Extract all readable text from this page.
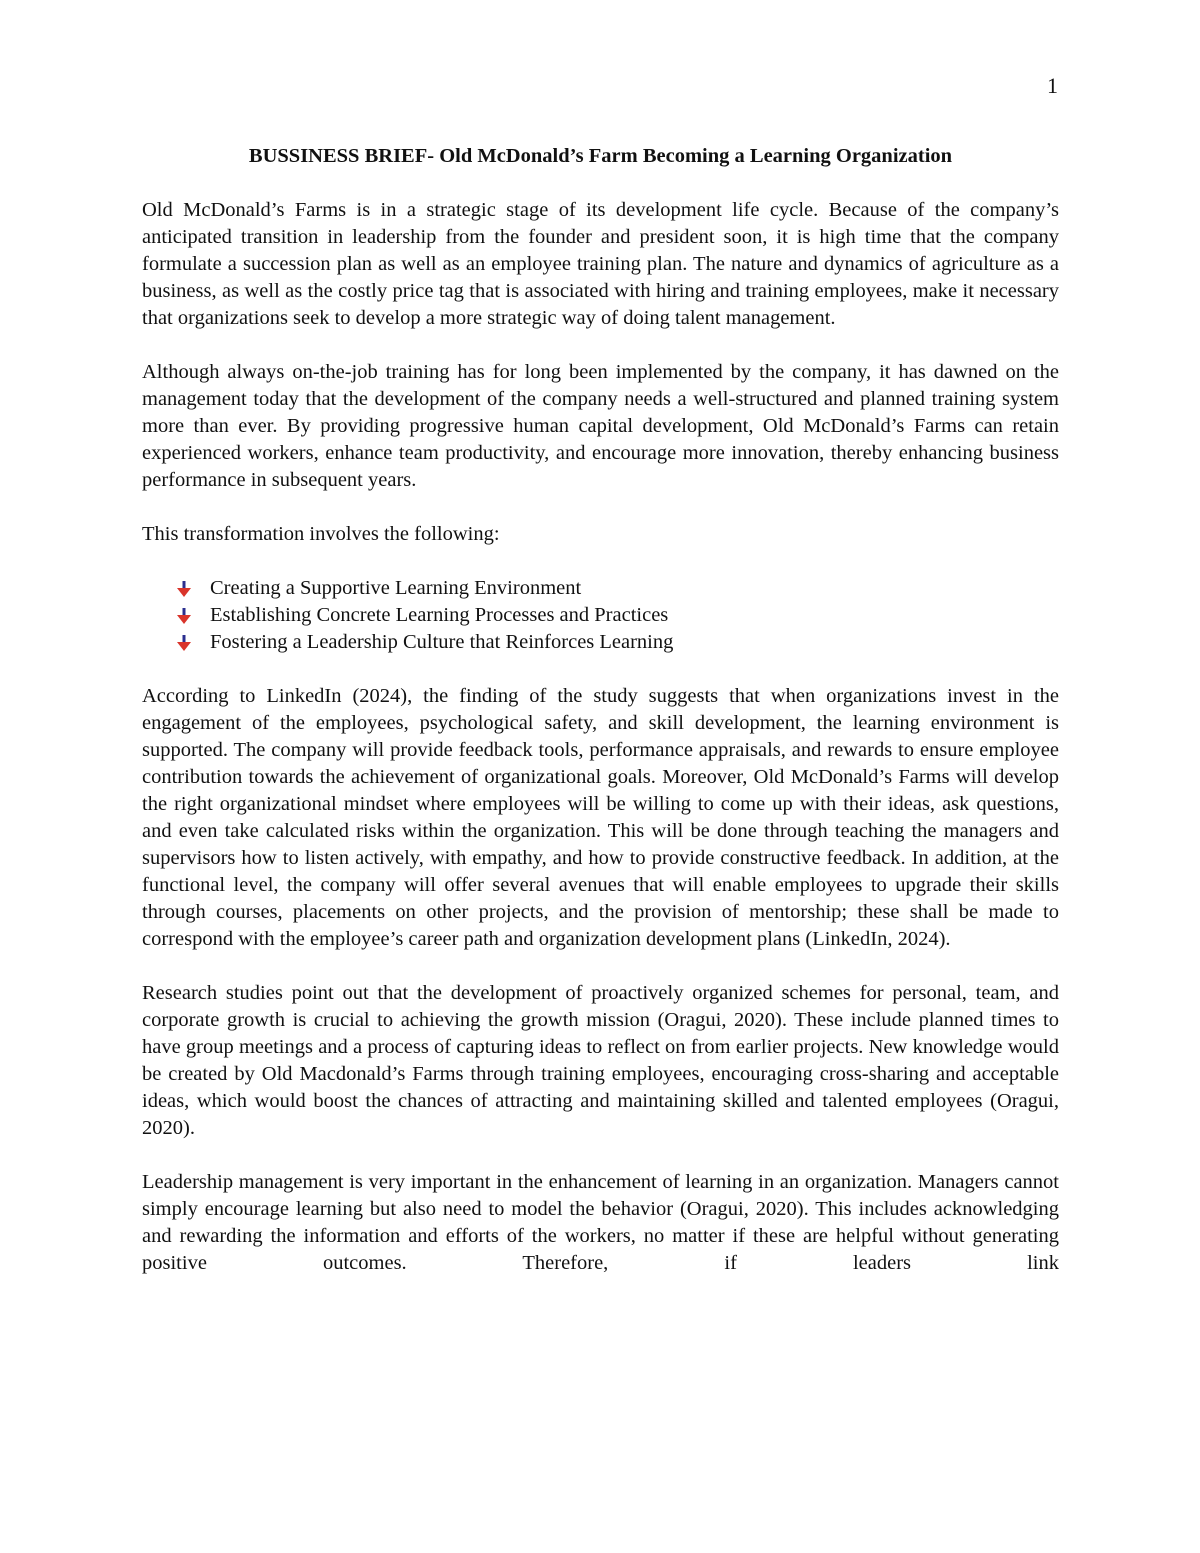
1
BUSSINESS BRIEF- Old McDonald’s Farm Becoming a Learning Organization

Old McDonald’s Farms is in a strategic stage of its development life cycle. Because of the company’s anticipated transition in leadership from the founder and president soon, it is high time that the company formulate a succession plan as well as an employee training plan. The nature and dynamics of agriculture as a business, as well as the costly price tag that is associated with hiring and training employees, make it necessary that organizations seek to develop a more strategic way of doing talent management.

Although always on-the-job training has for long been implemented by the company, it has dawned on the management today that the development of the company needs a well-structured and planned training system more than ever. By providing progressive human capital development, Old McDonald’s Farms can retain experienced workers, enhance team productivity, and encourage more innovation, thereby enhancing business performance in subsequent years.

This transformation involves the following:

Creating a Supportive Learning Environment
Establishing Concrete Learning Processes and Practices
Fostering a Leadership Culture that Reinforces Learning

According to LinkedIn (2024), the finding of the study suggests that when organizations invest in the engagement of the employees, psychological safety, and skill development, the learning environment is supported. The company will provide feedback tools, performance appraisals, and rewards to ensure employee contribution towards the achievement of organizational goals. Moreover, Old McDonald’s Farms will develop the right organizational mindset where employees will be willing to come up with their ideas, ask questions, and even take calculated risks within the organization. This will be done through teaching the managers and supervisors how to listen actively, with empathy, and how to provide constructive feedback. In addition, at the functional level, the company will offer several avenues that will enable employees to upgrade their skills through courses, placements on other projects, and the provision of mentorship; these shall be made to correspond with the employee’s career path and organization development plans (LinkedIn, 2024).

Research studies point out that the development of proactively organized schemes for personal, team, and corporate growth is crucial to achieving the growth mission (Oragui, 2020). These include planned times to have group meetings and a process of capturing ideas to reflect on from earlier projects. New knowledge would be created by Old Macdonald’s Farms through training employees, encouraging cross-sharing and acceptable ideas, which would boost the chances of attracting and maintaining skilled and talented employees (Oragui, 2020).

Leadership management is very important in the enhancement of learning in an organization. Managers cannot simply encourage learning but also need to model the behavior (Oragui, 2020). This includes acknowledging and rewarding the information and efforts of the workers, no matter if these are helpful without generating positive outcomes. Therefore, if leaders link
